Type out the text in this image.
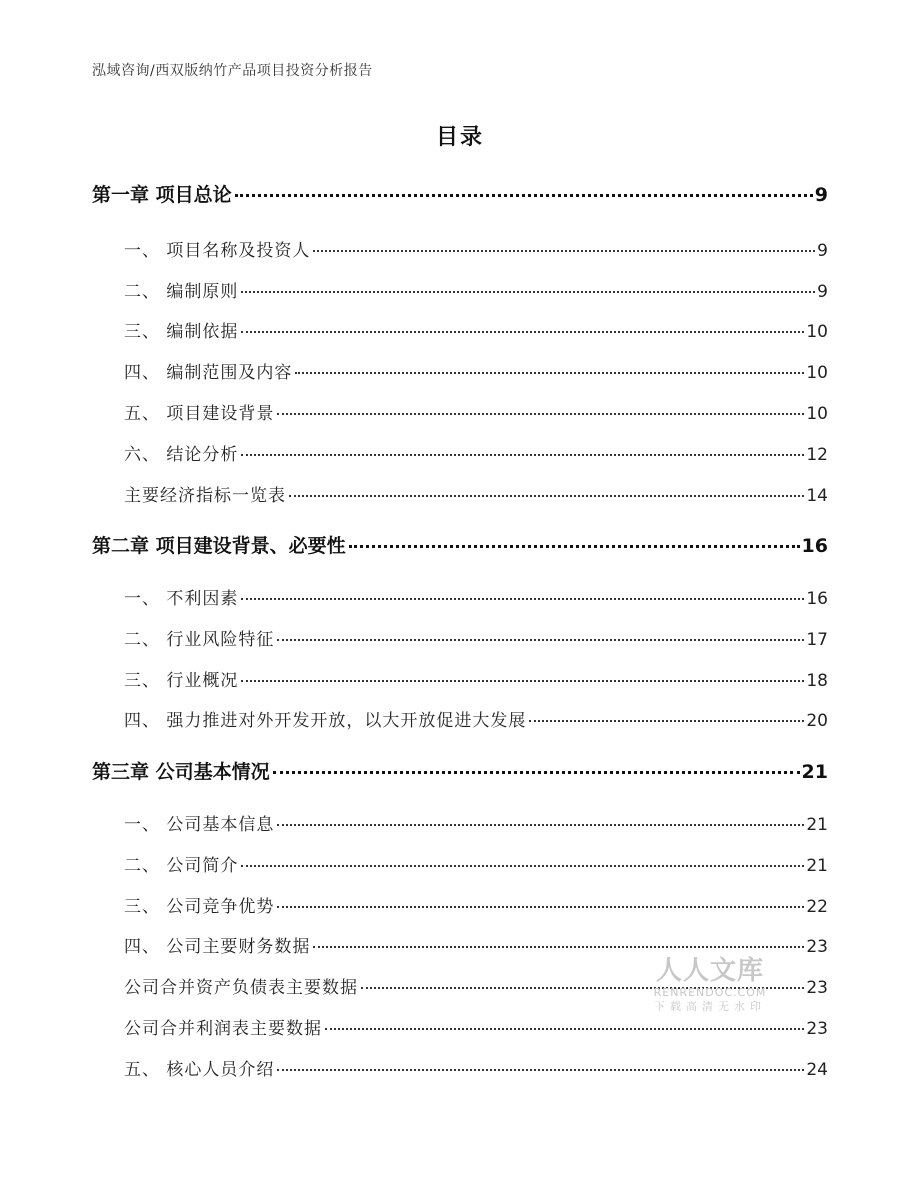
泓域咨询/西双版纳竹产品项目投资分析报告
目录
第一章 项目总论	9
一、 项目名称及投资人	9
二、 编制原则	9
三、 编制依据	10
四、 编制范围及内容	10
五、 项目建设背景	10
六、 结论分析	12
主要经济指标一览表	14
第二章 项目建设背景、必要性	16
一、 不利因素	16
二、 行业风险特征	17
三、 行业概况	18
四、 强力推进对外开发开放，以大开放促进大发展	20
第三章 公司基本情况	21
一、 公司基本信息	21
二、 公司简介	21
三、 公司竞争优势	22
四、 公司主要财务数据	23
公司合并资产负债表主要数据	23
公司合并利润表主要数据	23
五、 核心人员介绍	24
人人文库
RENRENDOC.COM
下载高清无水印
